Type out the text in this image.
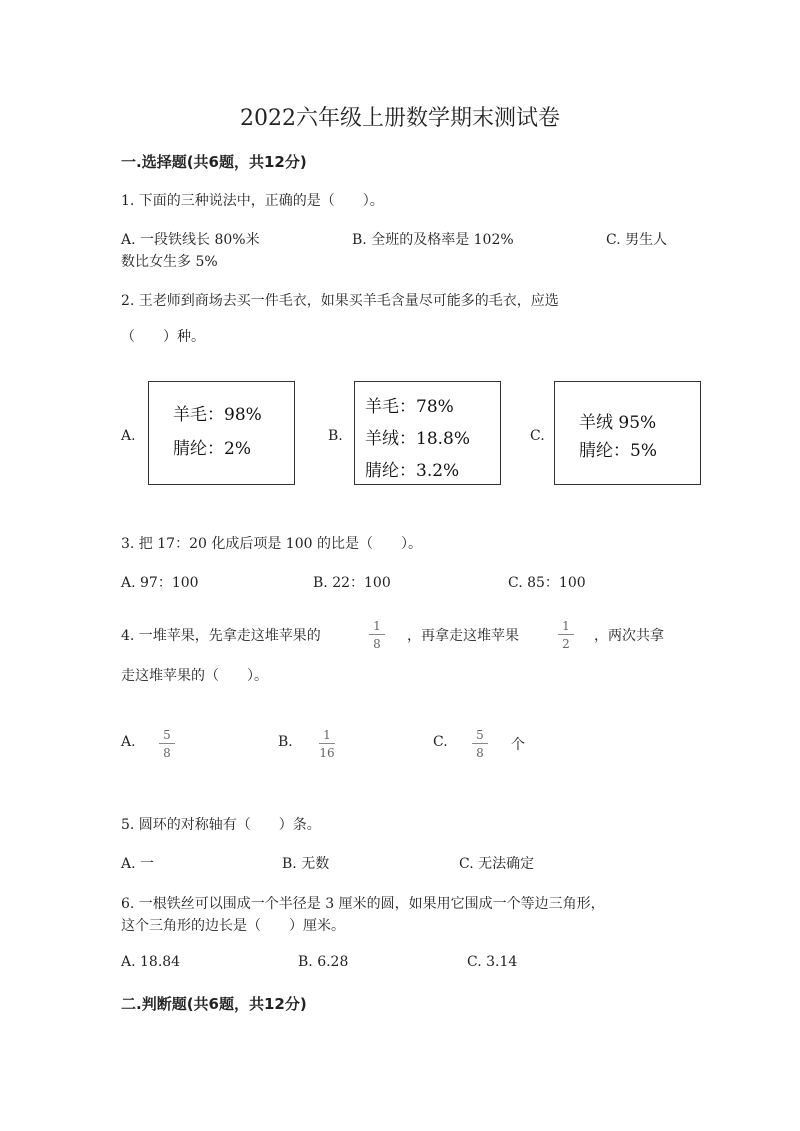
2022六年级上册数学期末测试卷
一.选择题(共6题，共12分)
1. 下面的三种说法中，正确的是（　　）。
A. 一段铁线长 80%米	B. 全班的及格率是 102%	C. 男生人
数比女生多 5%
2. 王老师到商场去买一件毛衣，如果买羊毛含量尽可能多的毛衣，应选
（　　）种。
A.
羊毛：98%
腈纶：2%
B.
羊毛：78%
羊绒：18.8%
腈纶：3.2%
C.
羊绒 95%
腈纶：5%
3. 把 17：20 化成后项是 100 的比是（　　）。
A. 97：100	B. 22：100	C. 85：100
4. 一堆苹果，先拿走这堆苹果的
1
8	，再拿走这堆苹果
1
2	，两次共拿
走这堆苹果的（　　）。
A.	5
8
B.	1
16
C.	5
8	个
5. 圆环的对称轴有（　　）条。
A. 一	B. 无数	C. 无法确定
6. 一根铁丝可以围成一个半径是 3 厘米的圆，如果用它围成一个等边三角形，
这个三角形的边长是（　　）厘米。
A. 18.84	B. 6.28	C. 3.14
二.判断题(共6题，共12分)
